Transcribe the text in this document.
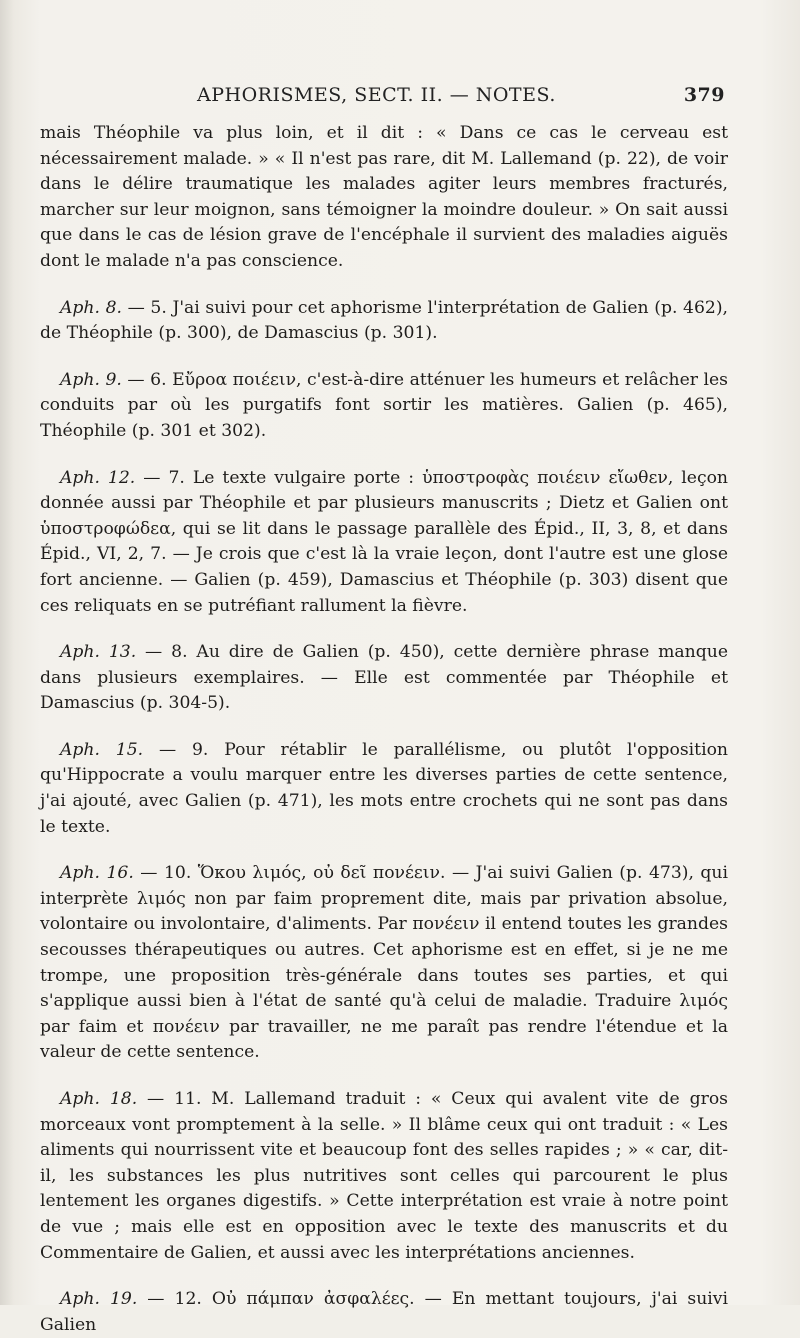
APHORISMES, SECT. II. — NOTES.	379

mais Théophile va plus loin, et il dit : « Dans ce cas le cerveau est nécessairement malade. » « Il n'est pas rare, dit M. Lallemand (p. 22), de voir dans le délire traumatique les malades agiter leurs membres fracturés, marcher sur leur moignon, sans témoigner la moindre douleur. » On sait aussi que dans le cas de lésion grave de l'encéphale il survient des maladies aiguës dont le malade n'a pas conscience.

Aph. 8. — 5. J'ai suivi pour cet aphorisme l'interprétation de Galien (p. 462), de Théophile (p. 300), de Damascius (p. 301).

Aph. 9. — 6. Εὔροα ποιέειν, c'est-à-dire atténuer les humeurs et relâcher les conduits par où les purgatifs font sortir les matières. Galien (p. 465), Théophile (p. 301 et 302).

Aph. 12. — 7. Le texte vulgaire porte : ὑποστροφὰς ποιέειν εἴωθεν, leçon donnée aussi par Théophile et par plusieurs manuscrits ; Dietz et Galien ont ὑποστροφώδεα, qui se lit dans le passage parallèle des Épid., II, 3, 8, et dans Épid., VI, 2, 7. — Je crois que c'est là la vraie leçon, dont l'autre est une glose fort ancienne. — Galien (p. 459), Damascius et Théophile (p. 303) disent que ces reliquats en se putréfiant rallument la fièvre.

Aph. 13. — 8. Au dire de Galien (p. 450), cette dernière phrase manque dans plusieurs exemplaires. — Elle est commentée par Théophile et Damascius (p. 304-5).

Aph. 15. — 9. Pour rétablir le parallélisme, ou plutôt l'opposition qu'Hippocrate a voulu marquer entre les diverses parties de cette sentence, j'ai ajouté, avec Galien (p. 471), les mots entre crochets qui ne sont pas dans le texte.

Aph. 16. — 10. Ὅκου λιμός, οὐ δεῖ πονέειν. — J'ai suivi Galien (p. 473), qui interprète λιμός non par faim proprement dite, mais par privation absolue, volontaire ou involontaire, d'aliments. Par πονέειν il entend toutes les grandes secousses thérapeutiques ou autres. Cet aphorisme est en effet, si je ne me trompe, une proposition très-générale dans toutes ses parties, et qui s'applique aussi bien à l'état de santé qu'à celui de maladie. Traduire λιμός par faim et πονέειν par travailler, ne me paraît pas rendre l'étendue et la valeur de cette sentence.

Aph. 18. — 11. M. Lallemand traduit : « Ceux qui avalent vite de gros morceaux vont promptement à la selle. » Il blâme ceux qui ont traduit : « Les aliments qui nourrissent vite et beaucoup font des selles rapides ; » « car, dit-il, les substances les plus nutritives sont celles qui parcourent le plus lentement les organes digestifs. » Cette interprétation est vraie à notre point de vue ; mais elle est en opposition avec le texte des manuscrits et du Commentaire de Galien, et aussi avec les interprétations anciennes.

Aph. 19. — 12. Οὐ πάμπαν ἀσφαλέες. — En mettant toujours, j'ai suivi Galien
